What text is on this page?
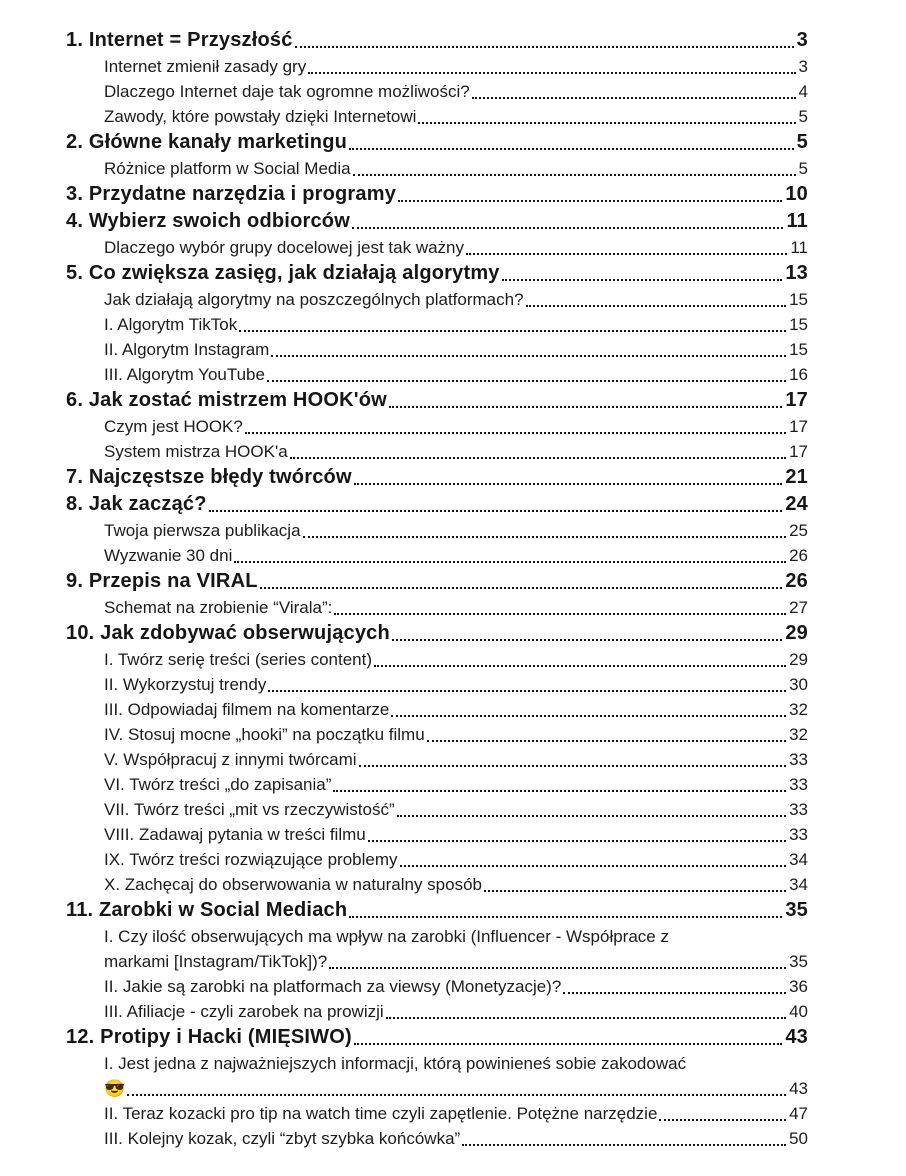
1. Internet = Przyszłość	3
Internet zmienił zasady gry	3
Dlaczego Internet daje tak ogromne możliwości?	4
Zawody, które powstały dzięki Internetowi	5
2. Główne kanały marketingu	5
Różnice platform w Social Media	5
3. Przydatne narzędzia i programy	10
4. Wybierz swoich odbiorców	11
Dlaczego wybór grupy docelowej jest tak ważny	11
5. Co zwiększa zasięg, jak działają algorytmy	13
Jak działają algorytmy na poszczególnych platformach?	15
I. Algorytm TikTok	15
II. Algorytm Instagram	15
III. Algorytm YouTube	16
6. Jak zostać mistrzem HOOK'ów	17
Czym jest HOOK?	17
System mistrza HOOK'a	17
7. Najczęstsze błędy twórców	21
8. Jak zacząć?	24
Twoja pierwsza publikacja	25
Wyzwanie 30 dni	26
9. Przepis na VIRAL	26
Schemat na zrobienie “Virala”:	27
10. Jak zdobywać obserwujących	29
I. Twórz serię treści (series content)	29
II. Wykorzystuj trendy	30
III. Odpowiadaj filmem na komentarze	32
IV. Stosuj mocne „hooki” na początku filmu	32
V. Współpracuj z innymi twórcami	33
VI. Twórz treści „do zapisania”	33
VII. Twórz treści „mit vs rzeczywistość”	33
VIII. Zadawaj pytania w treści filmu	33
IX. Twórz treści rozwiązujące problemy	34
X. Zachęcaj do obserwowania w naturalny sposób	34
11. Zarobki w Social Mediach	35
I. Czy ilość obserwujących ma wpływ na zarobki (Influencer - Współprace z
markami [Instagram/TikTok])?	35
II. Jakie są zarobki na platformach za viewsy (Monetyzacje)?	36
III. Afiliacje - czyli zarobek na prowizji	40
12. Protipy i Hacki (MIĘSIWO)	43
I. Jest jedna z najważniejszych informacji, którą powinieneś sobie zakodować
😎	43
II. Teraz kozacki pro tip na watch time czyli zapętlenie. Potężne narzędzie	47
III. Kolejny kozak, czyli “zbyt szybka końcówka”	50
